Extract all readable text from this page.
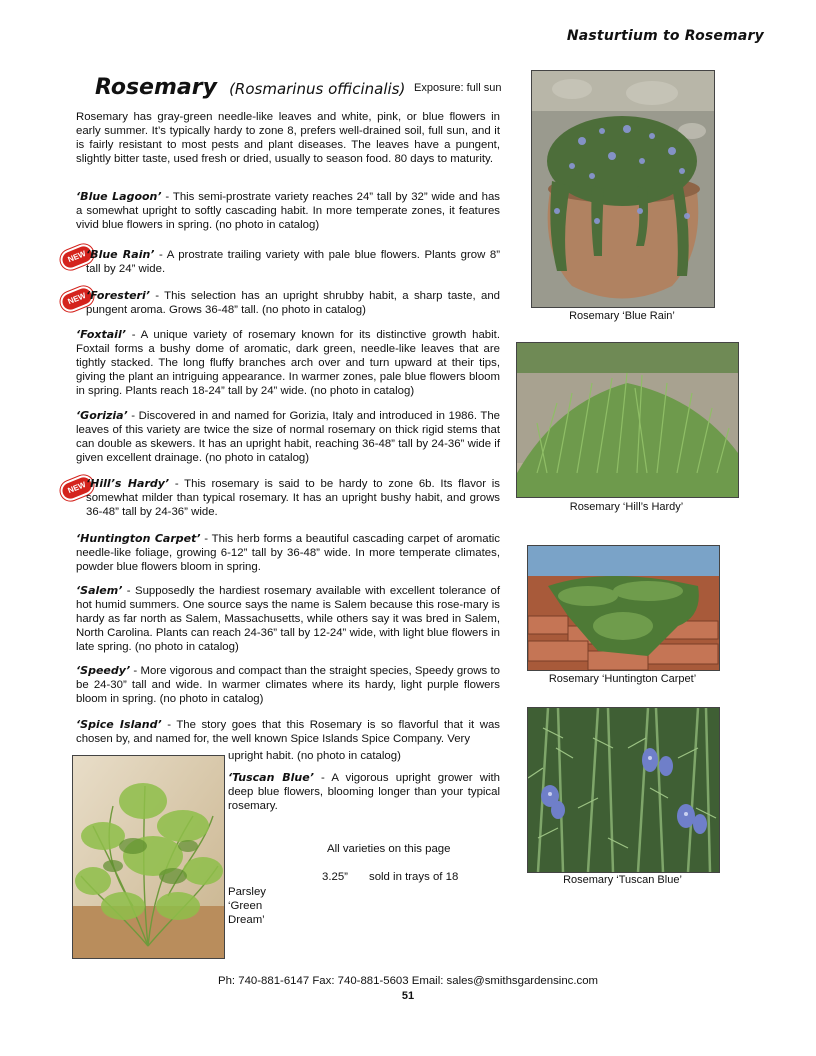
Nasturtium to Rosemary
Rosemary (Rosmarinus officinalis) Exposure: full sun

Rosemary has gray-green needle-like leaves and white, pink, or blue flowers in early summer. It’s typically hardy to zone 8, prefers well-drained soil, full sun, and it is fairly resistant to most pests and plant diseases. The leaves have a pungent, slightly bitter taste, used fresh or dried, usually to season food. 80 days to maturity.

‘Blue Lagoon’ - This semi-prostrate variety reaches 24” tall by 32” wide and has a somewhat upright to softly cascading habit. In more temperate zones, it features vivid blue flowers in spring. (no photo in catalog)

NEW

‘Blue Rain’ - A prostrate trailing variety with pale blue flowers. Plants grow 8” tall by 24” wide.

NEW

‘Foresteri’ - This selection has an upright shrubby habit, a sharp taste, and pungent aroma. Grows 36-48” tall. (no photo in catalog)

‘Foxtail’ - A unique variety of rosemary known for its distinctive growth habit. Foxtail forms a bushy dome of aromatic, dark green, needle-like leaves that are tightly stacked. The long fluffy branches arch over and turn upward at their tips, giving the plant an intriguing appearance. In warmer zones, pale blue flowers bloom in spring. Plants reach 18-24” tall by 24” wide. (no photo in catalog)

‘Gorizia’ - Discovered in and named for Gorizia, Italy and introduced in 1986. The leaves of this variety are twice the size of normal rosemary on thick rigid stems that can double as skewers. It has an upright habit, reaching 36-48” tall by 24-36” wide if given excellent drainage. (no photo in catalog)

NEW

‘Hill’s Hardy’ - This rosemary is said to be hardy to zone 6b. Its flavor is somewhat milder than typical rosemary. It has an upright bushy habit, and grows 36-48” tall by 24-36” wide.

‘Huntington Carpet’ - This herb forms a beautiful cascading carpet of aromatic needle-like foliage, growing 6-12” tall by 36-48” wide. In more temperate climates, powder blue flowers bloom in spring.

‘Salem’ - Supposedly the hardiest rosemary available with excellent tolerance of hot humid summers. One source says the name is Salem because this rose-mary is hardy as far north as Salem, Massachusetts, while others say it was bred in Salem, North Carolina. Plants can reach 24-36” tall by 12-24” wide, with light blue flowers in late spring. (no photo in catalog)

‘Speedy’ - More vigorous and compact than the straight species, Speedy grows to be 24-30” tall and wide. In warmer climates where its hardy, light purple flowers bloom in spring. (no photo in catalog)

‘Spice Island’ - The story goes that this Rosemary is so flavorful that it was chosen by, and named for, the well known Spice Islands Spice Company. Very

upright habit. (no photo in catalog)

‘Tuscan Blue’ - A vigorous upright grower with deep blue flowers, blooming longer than your typical rosemary.

All varieties on this page
3.25” sold in trays of 18
Parsley
‘Green
Dream’
Rosemary ‘Blue Rain’
Rosemary ‘Hill’s Hardy’
Rosemary ‘Huntington Carpet’
Rosemary ‘Tuscan Blue’
Ph: 740-881-6147 Fax: 740-881-5603 Email: sales@smithsgardensinc.com
51
